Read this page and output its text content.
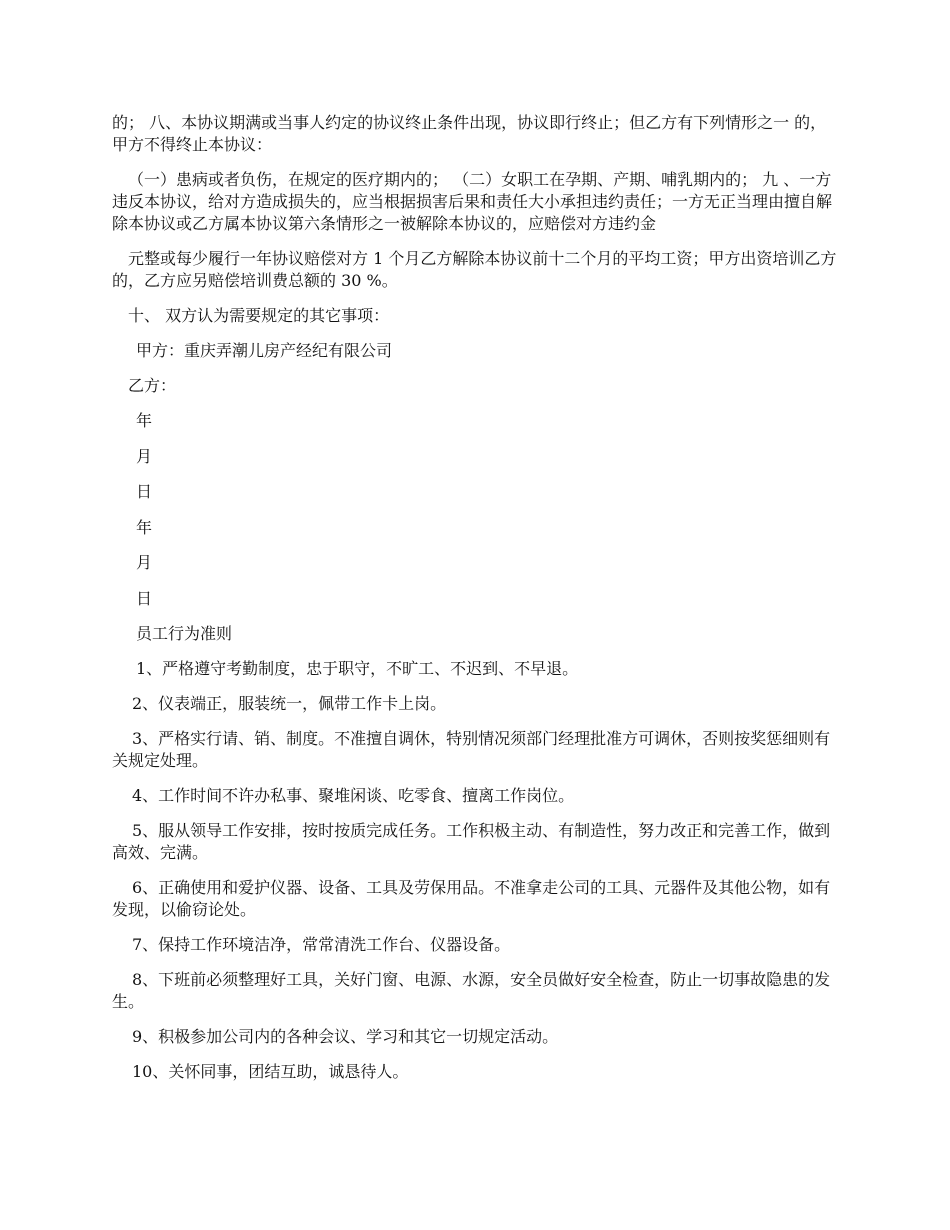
的； 八、本协议期满或当事人约定的协议终止条件出现，协议即行终止；但乙方有下列情形之一 的，甲方不得终止本协议：

（一）患病或者负伤，在规定的医疗期内的； （二）女职工在孕期、产期、哺乳期内的； 九 、一方违反本协议，给对方造成损失的，应当根据损害后果和责任大小承担违约责任；一方无正当理由擅自解除本协议或乙方属本协议第六条情形之一被解除本协议的，应赔偿对方违约金

元整或每少履行一年协议赔偿对方 1 个月乙方解除本协议前十二个月的平均工资；甲方出资培训乙方的，乙方应另赔偿培训费总额的 30 %。

十、 双方认为需要规定的其它事项：

甲方：重庆弄潮儿房产经纪有限公司

乙方：

年

月

日

年

月

日

员工行为准则

1、严格遵守考勤制度，忠于职守，不旷工、不迟到、不早退。

2、仪表端正，服装统一，佩带工作卡上岗。

3、严格实行请、销、制度。不准擅自调休，特别情况须部门经理批准方可调休，否则按奖惩细则有关规定处理。

4、工作时间不许办私事、聚堆闲谈、吃零食、擅离工作岗位。

5、服从领导工作安排，按时按质完成任务。工作积极主动、有制造性，努力改正和完善工作，做到高效、完满。

6、正确使用和爱护仪器、设备、工具及劳保用品。不准拿走公司的工具、元器件及其他公物，如有发现，以偷窃论处。

7、保持工作环境洁净，常常清洗工作台、仪器设备。

8、下班前必须整理好工具，关好门窗、电源、水源，安全员做好安全检查，防止一切事故隐患的发生。

9、积极参加公司内的各种会议、学习和其它一切规定活动。

10、关怀同事，团结互助，诚恳待人。
